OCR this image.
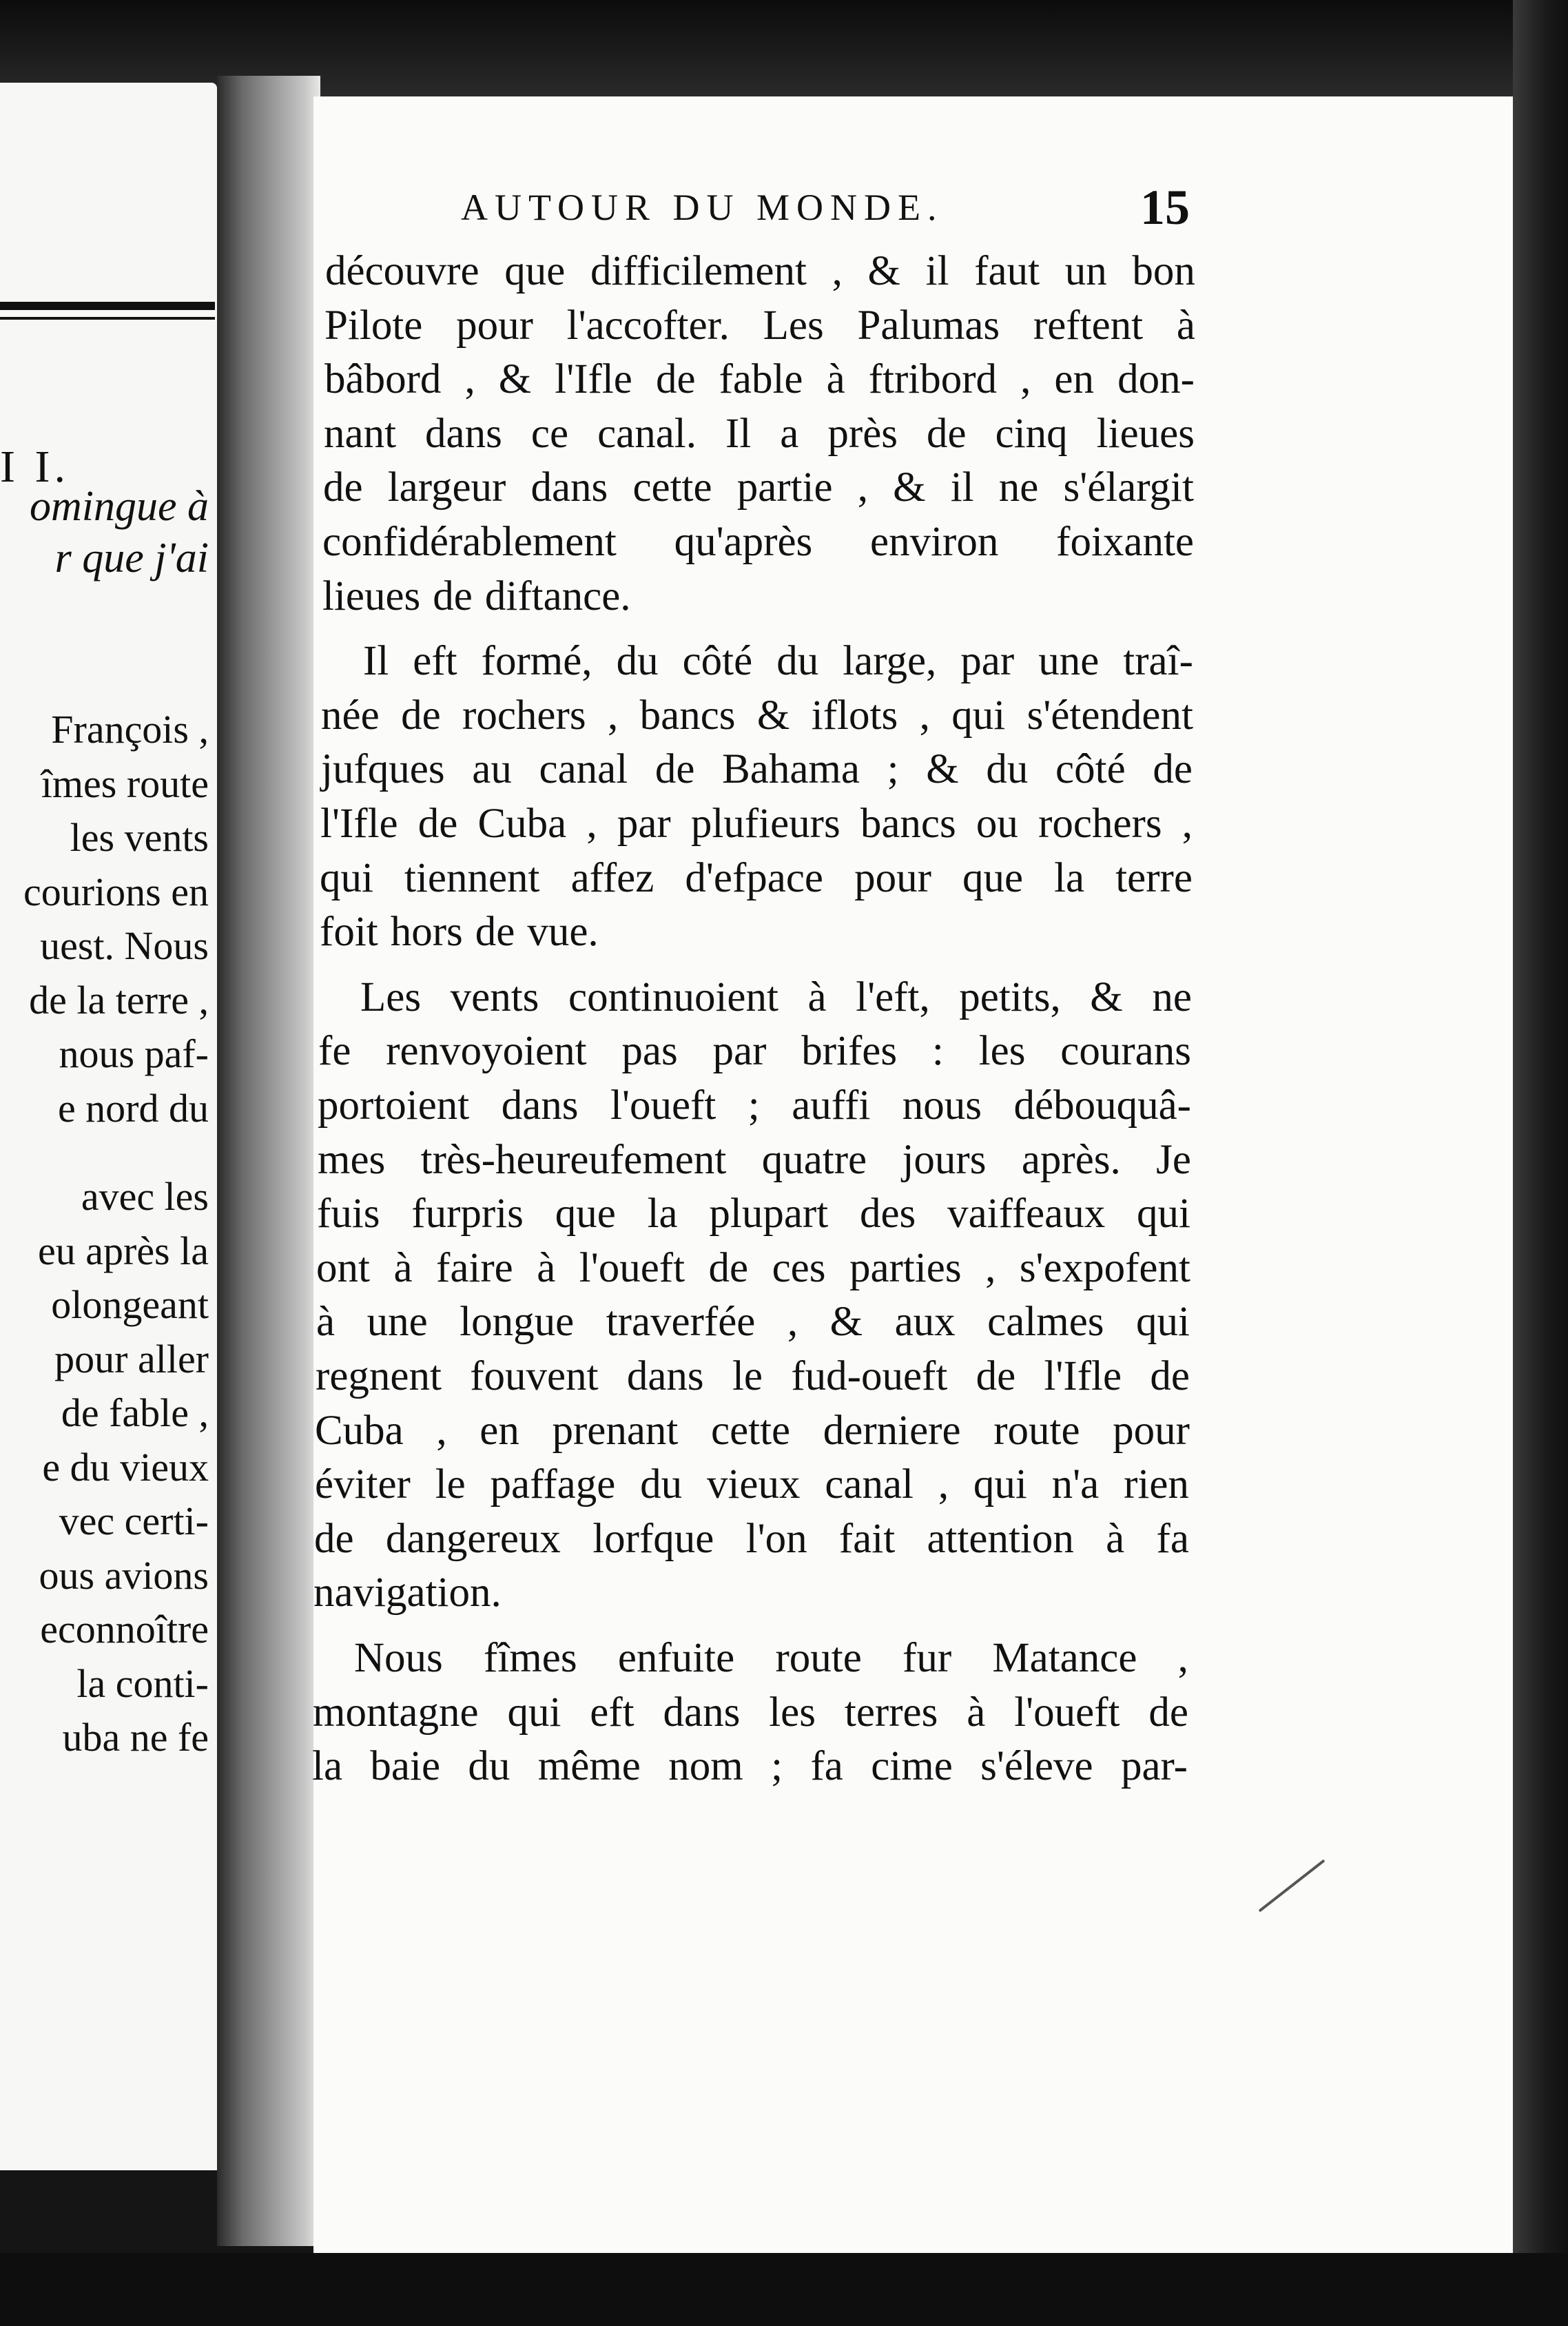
I I.
omingue à
r que j'ai
François ,
îmes route
les vents
courions en
uest. Nous
de la terre ,
nous paf-
e nord du
avec les
eu après la
olongeant
pour aller
de fable ,
e du vieux
vec certi-
ous avions
econnoître
la conti-
uba ne fe
AUTOUR DU MONDE.	15
découvre que difficilement , & il faut un bon
Pilote pour l'accofter. Les Palumas reftent à
bâbord , & l'Ifle de fable à ftribord , en don-
nant dans ce canal. Il a près de cinq lieues
de largeur dans cette partie , & il ne s'élargit
confidérablement qu'après environ foixante
lieues de diftance.
Il eft formé, du côté du large, par une traî-
née de rochers , bancs & iflots , qui s'étendent
jufques au canal de Bahama ; & du côté de
l'Ifle de Cuba , par plufieurs bancs ou rochers ,
qui tiennent affez d'efpace pour que la terre
foit hors de vue.
Les vents continuoient à l'eft, petits, & ne
fe renvoyoient pas par brifes : les courans
portoient dans l'oueft ; auffi nous débouquâ-
mes très-heureufement quatre jours après. Je
fuis furpris que la plupart des vaiffeaux qui
ont à faire à l'oueft de ces parties , s'expofent
à une longue traverfée , & aux calmes qui
regnent fouvent dans le fud-oueft de l'Ifle de
Cuba , en prenant cette derniere route pour
éviter le paffage du vieux canal , qui n'a rien
de dangereux lorfque l'on fait attention à fa
navigation.
Nous fîmes enfuite route fur Matance ,
montagne qui eft dans les terres à l'oueft de
la baie du même nom ; fa cime s'éleve par-
